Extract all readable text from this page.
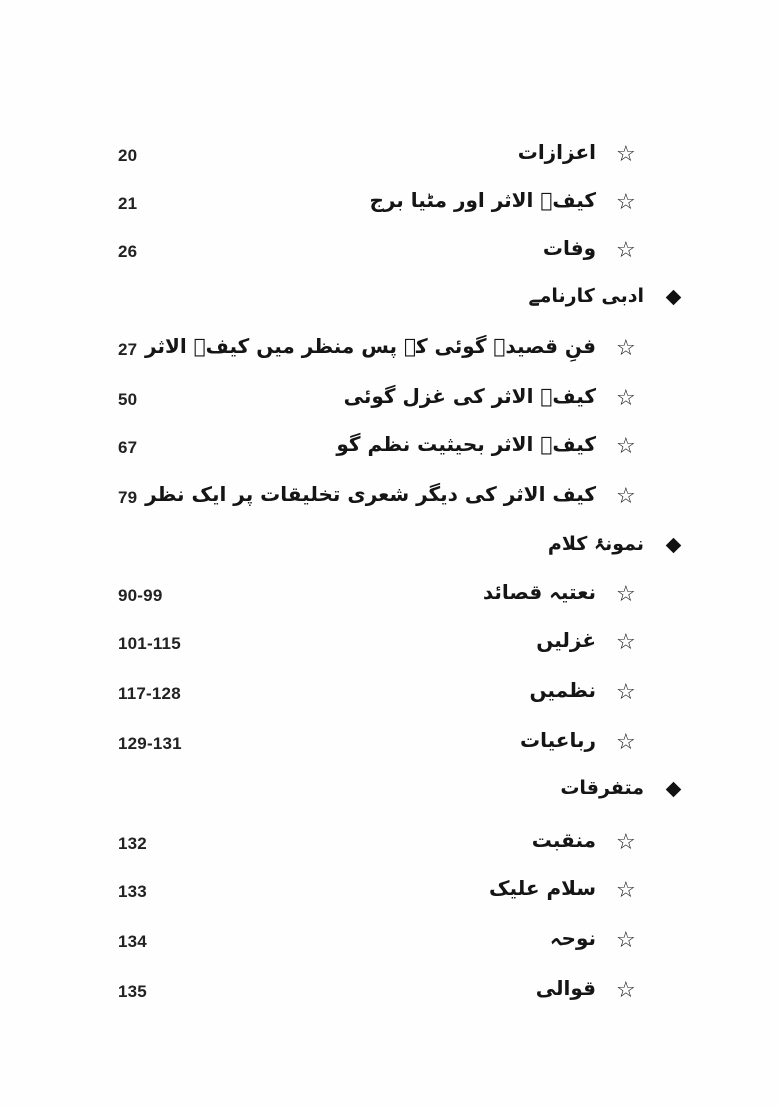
☆
اعزازات
20
☆
کیفؔ الاثر اور مٹیا برج
21
☆
وفات
26
ادبی کارنامے
☆
فنِ قصیدہ گوئی کے پس منظر میں کیفؔ الاثر
27
☆
کیفؔ الاثر کی غزل گوئی
50
☆
کیفؔ الاثر بحیثیت نظم گو
67
☆
کیف الاثر کی دیگر شعری تخلیقات پر ایک نظر
79
نمونۂ کلام
☆
نعتیہ قصائد
90-99
☆
غزلیں
101-115
☆
نظمیں
117-128
☆
رباعیات
129-131
متفرقات
☆
منقبت
132
☆
سلام علیک
133
☆
نوحہ
134
☆
قوالی
135
